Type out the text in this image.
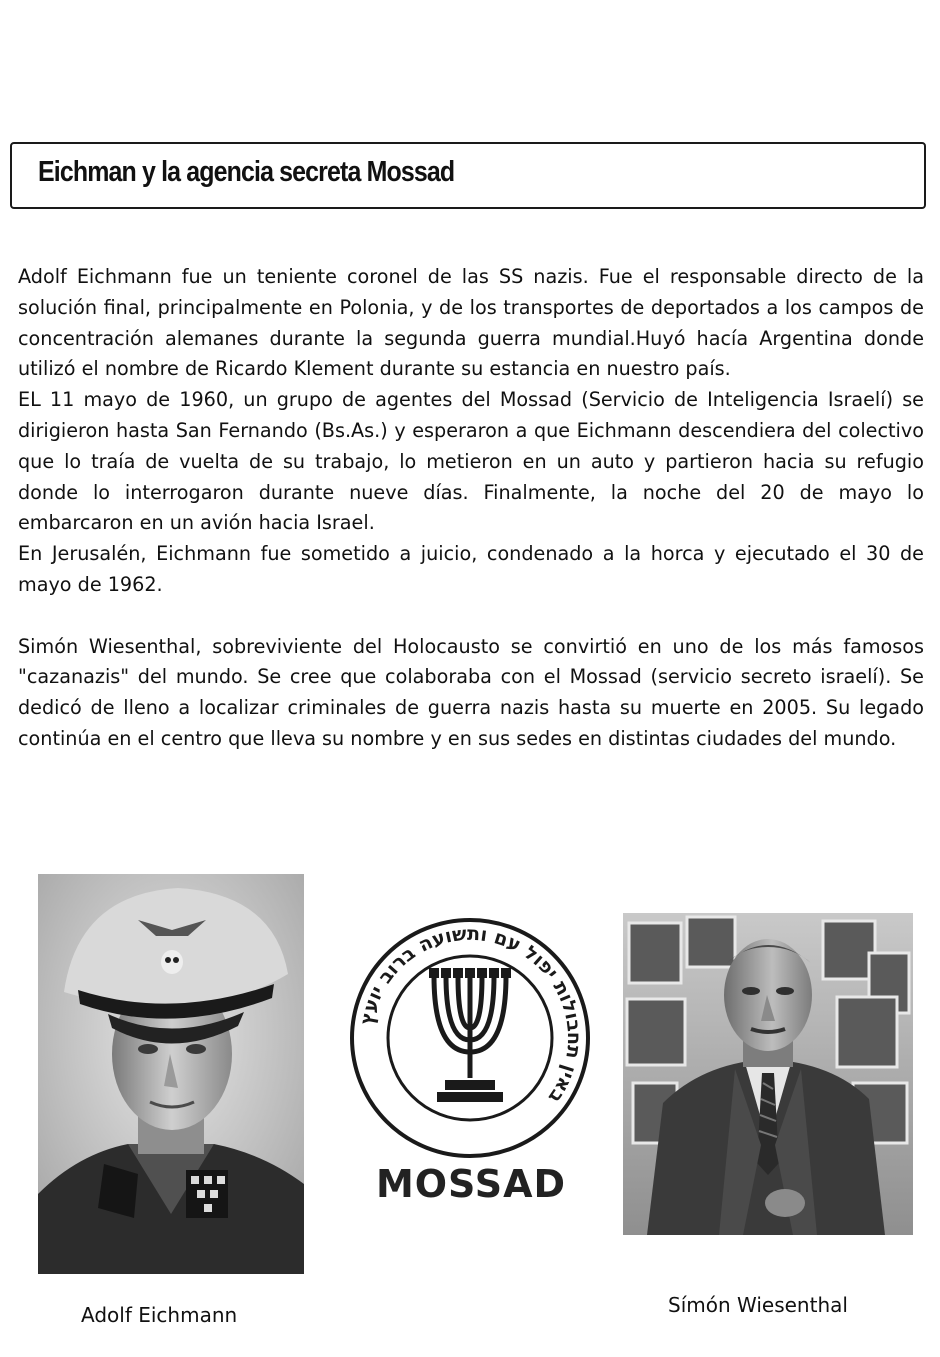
Eichman y la agencia secreta Mossad

Adolf Eichmann fue un teniente coronel de las SS nazis. Fue el responsable directo de la solución final, principalmente en Polonia, y de los transportes de deportados a los campos de concentración alemanes durante la segunda guerra mundial.Huyó hacía Argentina donde utilizó el nombre de Ricardo Klement durante su estancia en nuestro país.

EL 11 mayo de 1960, un grupo de agentes del Mossad (Servicio de Inteligencia Israelí) se dirigieron hasta San Fernando (Bs.As.) y esperaron a que Eichmann descendiera del colectivo que lo traía de vuelta de su trabajo, lo metieron en un auto y partieron hacia su refugio donde lo interrogaron durante nueve días. Finalmente, la noche del 20 de mayo lo embarcaron en un avión hacia Israel.

En Jerusalén, Eichmann fue sometido a juicio, condenado a la horca y ejecutado el 30 de mayo de 1962.

Simón Wiesenthal, sobreviviente del Holocausto se convirtió en uno de los más famosos "cazanazis" del mundo. Se cree que colaboraba con el Mossad (servicio secreto israelí). Se dedicó de lleno a localizar criminales de guerra nazis hasta su muerte en 2005. Su legado continúa en el centro que lleva su nombre y en sus sedes en distintas ciudades del mundo.

באין תחבולות יפול עם ותשועה ברוב יועץ
MOSSAD
Adolf Eichmann	Símón Wiesenthal
